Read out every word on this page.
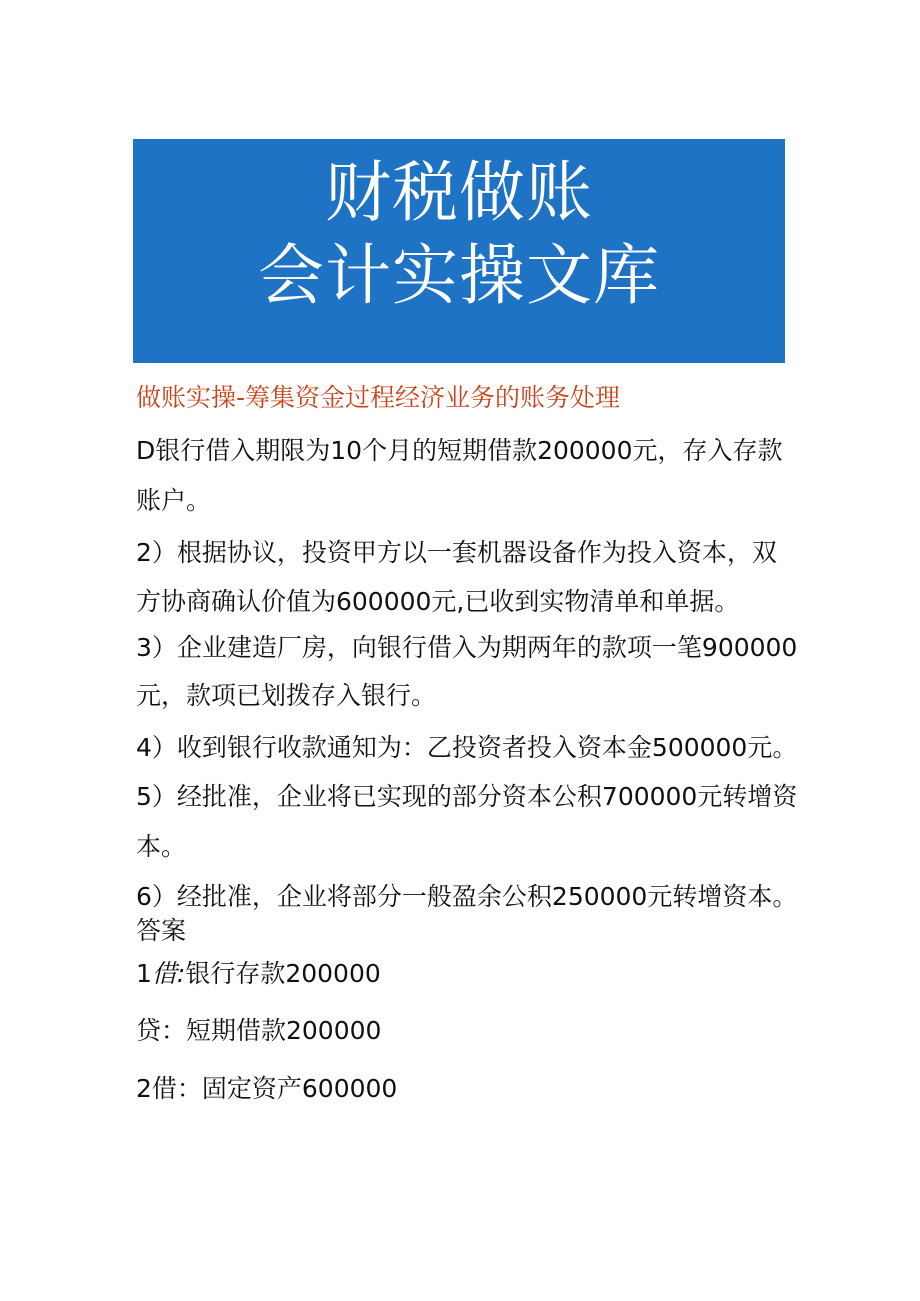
财税做账
会计实操文库
做账实操-筹集资金过程经济业务的账务处理
D银行借入期限为10个月的短期借款200000元，存入存款
账户。
2）根据协议，投资甲方以一套机器设备作为投入资本，双
方协商确认价值为600000元,已收到实物清单和单据。
3）企业建造厂房，向银行借入为期两年的款项一笔900000
元，款项已划拨存入银行。
4）收到银行收款通知为：乙投资者投入资本金500000元。
5）经批准，企业将已实现的部分资本公积700000元转增资
本。
6）经批准，企业将部分一般盈余公积250000元转增资本。
答案
1借:银行存款200000
贷：短期借款200000
2借：固定资产600000
